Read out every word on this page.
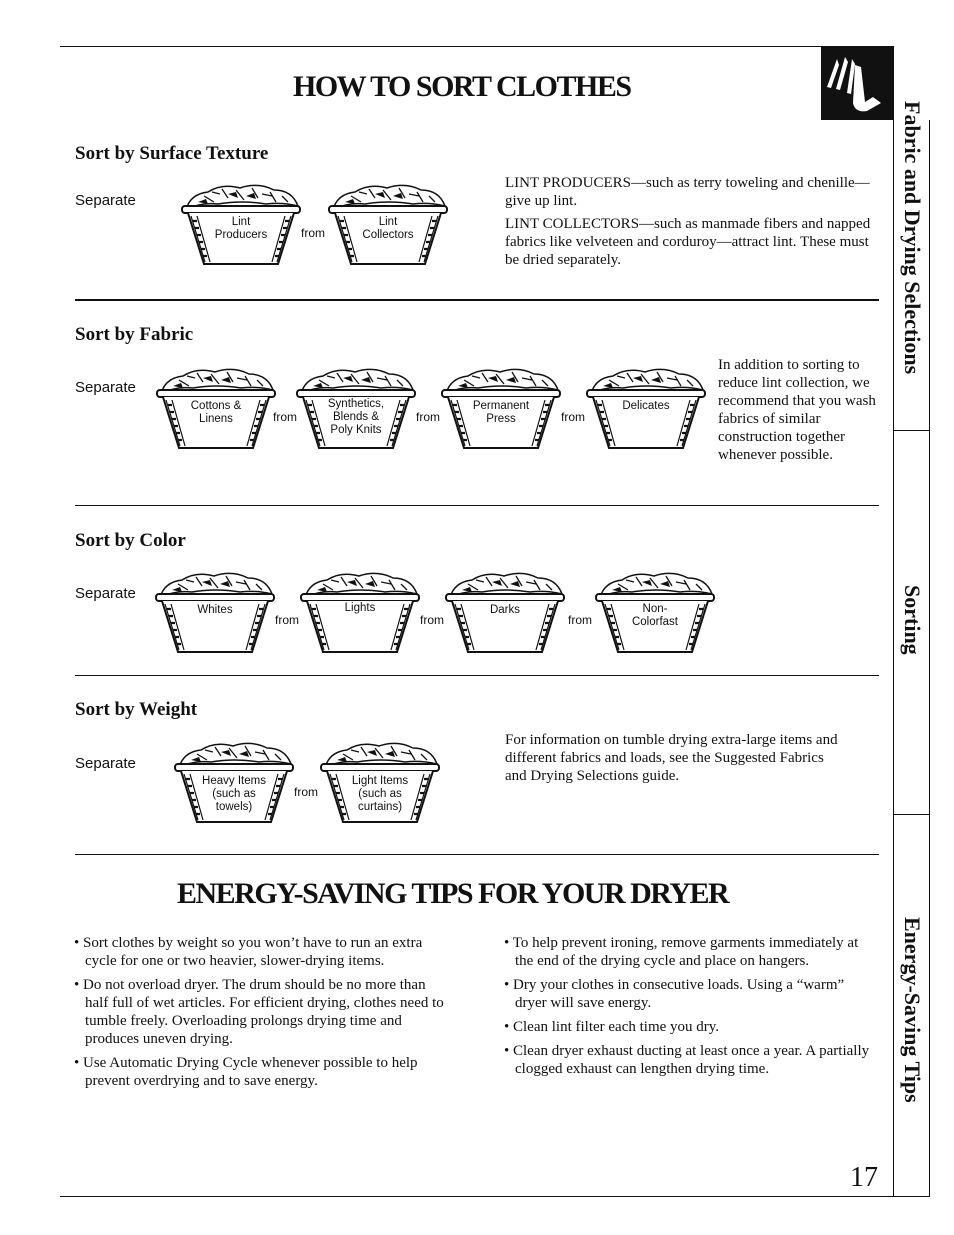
HOW TO SORT CLOTHES
Sort by Surface Texture
Separate
Lint
Producers	from
Lint
Collectors

LINT PRODUCERS—such as terry toweling and chenille—give up lint.

LINT COLLECTORS—such as manmade fibers and napped fabrics like velveteen and corduroy—attract lint. These must be dried separately.

Sort by Fabric
Separate
Cottons &
Linens	from
Synthetics,
Blends &
Poly Knits
from
Permanent
Press	from
Delicates
In addition to sorting to reduce lint collection, we recommend that you wash fabrics of similar construction together whenever possible.
Sort by Color
Separate
Whites
from
Lights
from
Darks
from
Non-
Colorfast
Sort by Weight
Separate
Heavy Items
(such as
towels)
from
Light Items
(such as
curtains)
For information on tumble drying extra-large items and different fabrics and loads, see the Suggested Fabrics and Drying Selections guide.
ENERGY-SAVING TIPS FOR YOUR DRYER

• Sort clothes by weight so you won’t have to run an extra cycle for one or two heavier, slower-drying items.

• Do not overload dryer. The drum should be no more than half full of wet articles. For efficient drying, clothes need to tumble freely. Overloading prolongs drying time and produces uneven drying.

• Use Automatic Drying Cycle whenever possible to help prevent overdrying and to save energy.

• To help prevent ironing, remove garments immediately at the end of the drying cycle and place on hangers.

• Dry your clothes in consecutive loads. Using a “warm” dryer will save energy.

• Clean lint filter each time you dry.

• Clean dryer exhaust ducting at least once a year. A partially clogged exhaust can lengthen drying time.

17
Fabric and Drying Selections
Sorting
Energy-Saving Tips
